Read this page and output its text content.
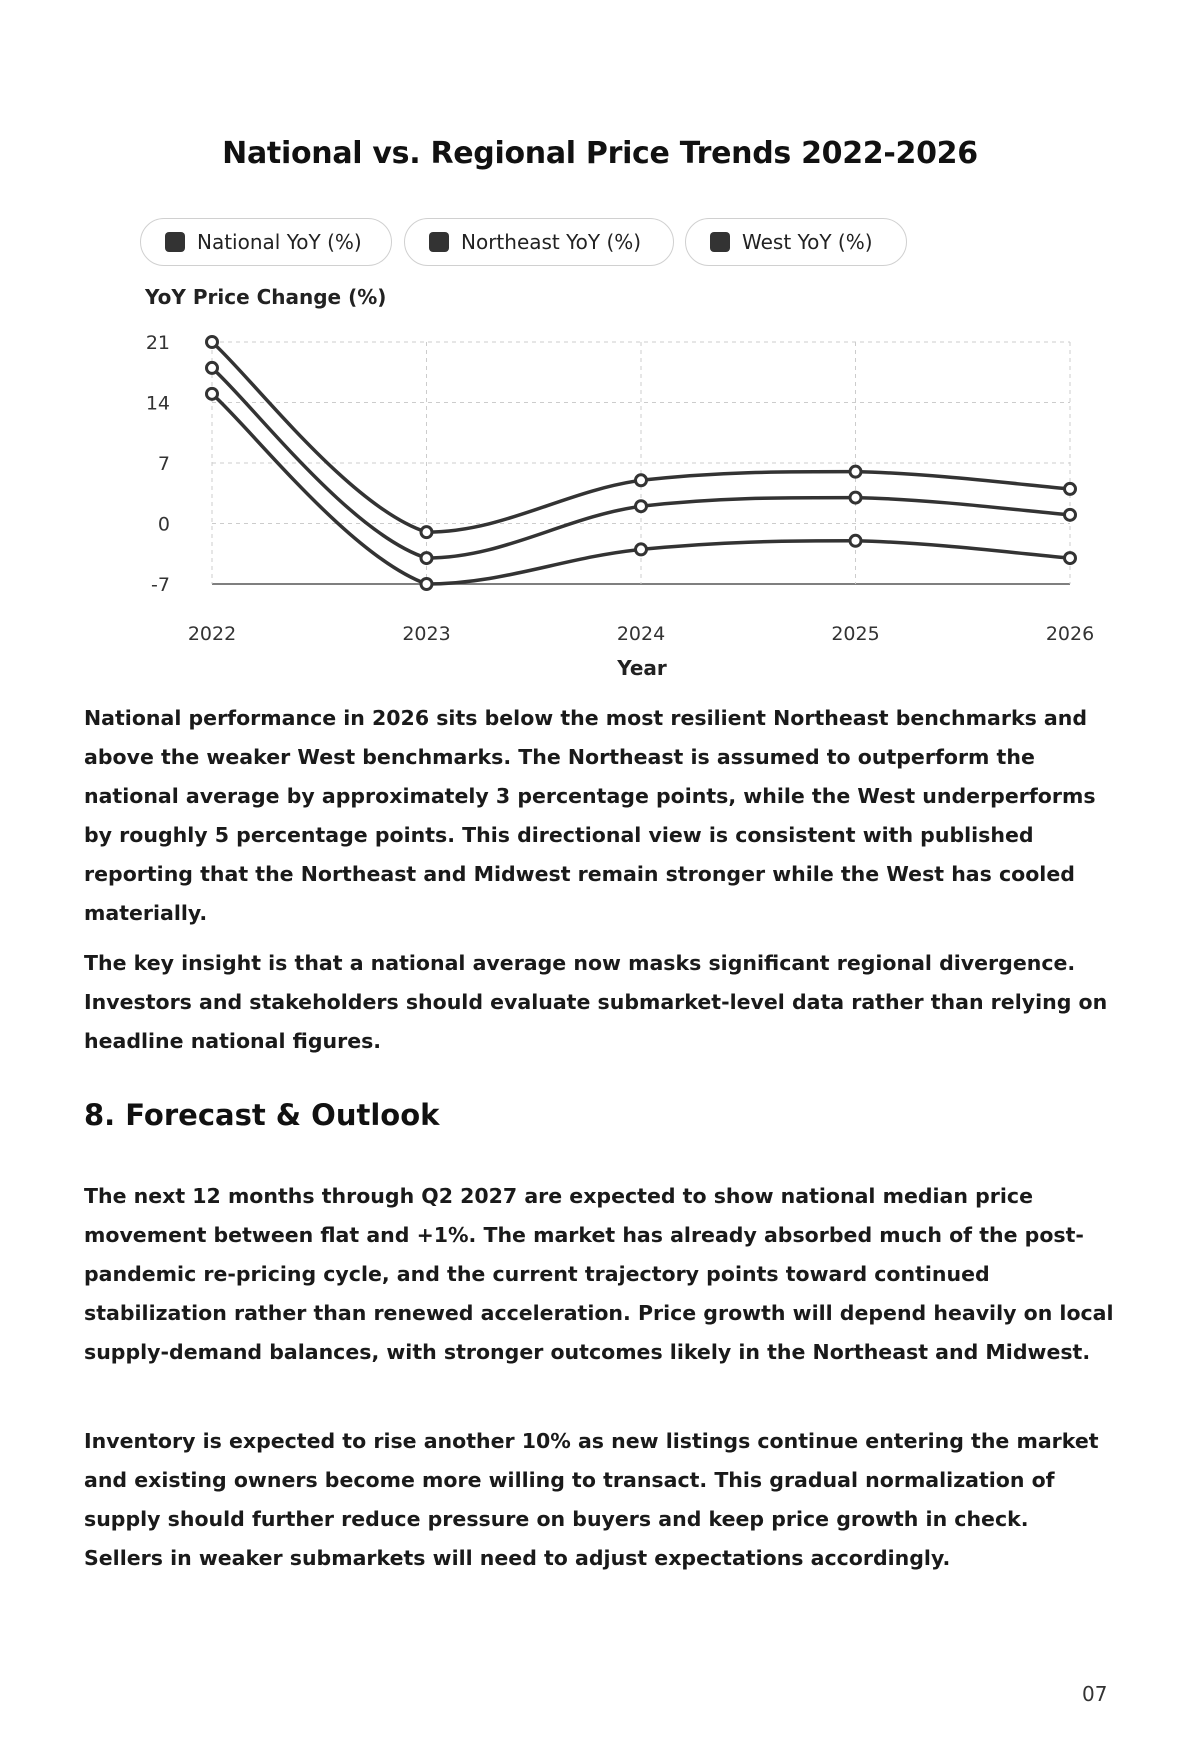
National vs. Regional Price Trends 2022-2026
National YoY (%)	Northeast YoY (%)	West YoY (%)
YoY Price Change (%)
21
14
7
0
-7
2022	2023	2024	2025	2026
Year
National performance in 2026 sits below the most resilient Northeast benchmarks and above the weaker West benchmarks. The Northeast is assumed to outperform the national average by approximately 3 percentage points, while the West underperforms by roughly 5 percentage points. This directional view is consistent with published reporting that the Northeast and Midwest remain stronger while the West has cooled materially.
The key insight is that a national average now masks significant regional divergence. Investors and stakeholders should evaluate submarket-level data rather than relying on headline national figures.
8. Forecast & Outlook
The next 12 months through Q2 2027 are expected to show national median price movement between flat and +1%. The market has already absorbed much of the post-pandemic re-pricing cycle, and the current trajectory points toward continued stabilization rather than renewed acceleration. Price growth will depend heavily on local supply-demand balances, with stronger outcomes likely in the Northeast and Midwest.
Inventory is expected to rise another 10% as new listings continue entering the market and existing owners become more willing to transact. This gradual normalization of supply should further reduce pressure on buyers and keep price growth in check. Sellers in weaker submarkets will need to adjust expectations accordingly.
07
